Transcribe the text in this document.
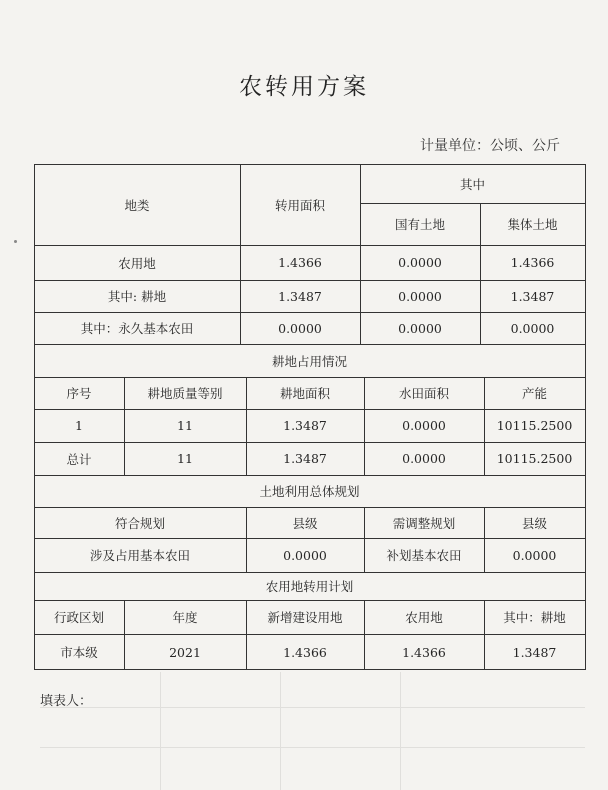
农转用方案
计量单位：公顷、公斤
地类	转用面积
其中
国有土地	集体土地
农用地	1.4366	0.0000	1.4366
其中: 耕地	1.3487	0.0000	1.3487
其中：永久基本农田	0.0000	0.0000	0.0000
耕地占用情况
序号	耕地质量等别	耕地面积	水田面积	产能
1	11	1.3487	0.0000	10115.2500
总计	11	1.3487	0.0000	10115.2500
土地利用总体规划
符合规划	县级	需调整规划	县级
涉及占用基本农田	0.0000	补划基本农田	0.0000
农用地转用计划
行政区划	年度	新增建设用地	农用地	其中：耕地
市本级	2021	1.4366	1.4366	1.3487
填表人：
